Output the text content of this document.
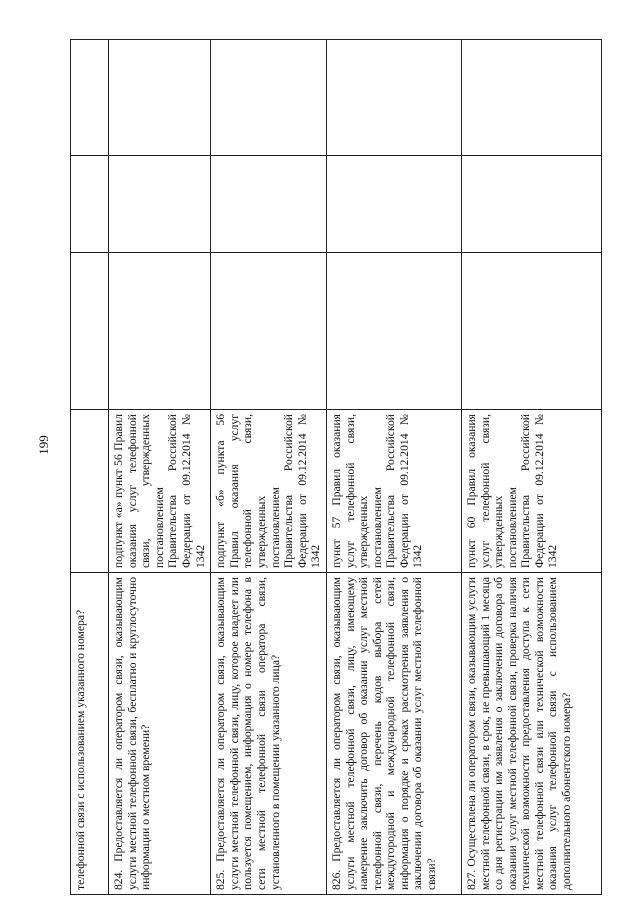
199
телефонной связи с использованием указанного номера?				
824. Предоставляется ли оператором связи, оказывающим услуги местной телефонной связи, бесплатно и круглосуточно информации о местном времени?	подпункт «а» пункт 56 Правил оказания услуг телефонной связи, утвержденных постановлением Правительства Российской Федерации от 09.12.2014 № 1342			
825. Предоставляется ли оператором связи, оказывающим услуги местной телефонной связи, лицу, которое владеет или пользуется помещением, информация о номере телефона в сети местной телефонной связи оператора связи, установленного в помещении указанного лица?	подпункт «б» пункта 56 Правил оказания услуг телефонной связи, утвержденных постановлением Правительства Российской Федерации от 09.12.2014 № 1342			
826. Предоставляется ли оператором связи, оказывающим услуги местной телефонной связи, лицу, имеющему намерение заключить договор об оказании услуг местной телефонной связи, перечень кодов выбора сетей междугородной и международной телефонной связи, информация о порядке и сроках рассмотрения заявления о заключении договора об оказании услуг местной телефонной связи?	пункт 57 Правил оказания услуг телефонной связи, утвержденных постановлением Правительства Российской Федерации от 09.12.2014 № 1342			
827. Осуществлена ли оператором связи, оказывающим услуги местной телефонной связи, в срок, не превышающий 1 месяца со дня регистрации им заявления о заключении договора об оказании услуг местной телефонной связи, проверка наличия технической возможности предоставления доступа к сети местной телефонной связи или технической возможности оказания услуг телефонной связи с использованием дополнительного абонентского номера?	пункт 60 Правил оказания услуг телефонной связи, утвержденных постановлением Правительства Российской Федерации от 09.12.2014 № 1342			
